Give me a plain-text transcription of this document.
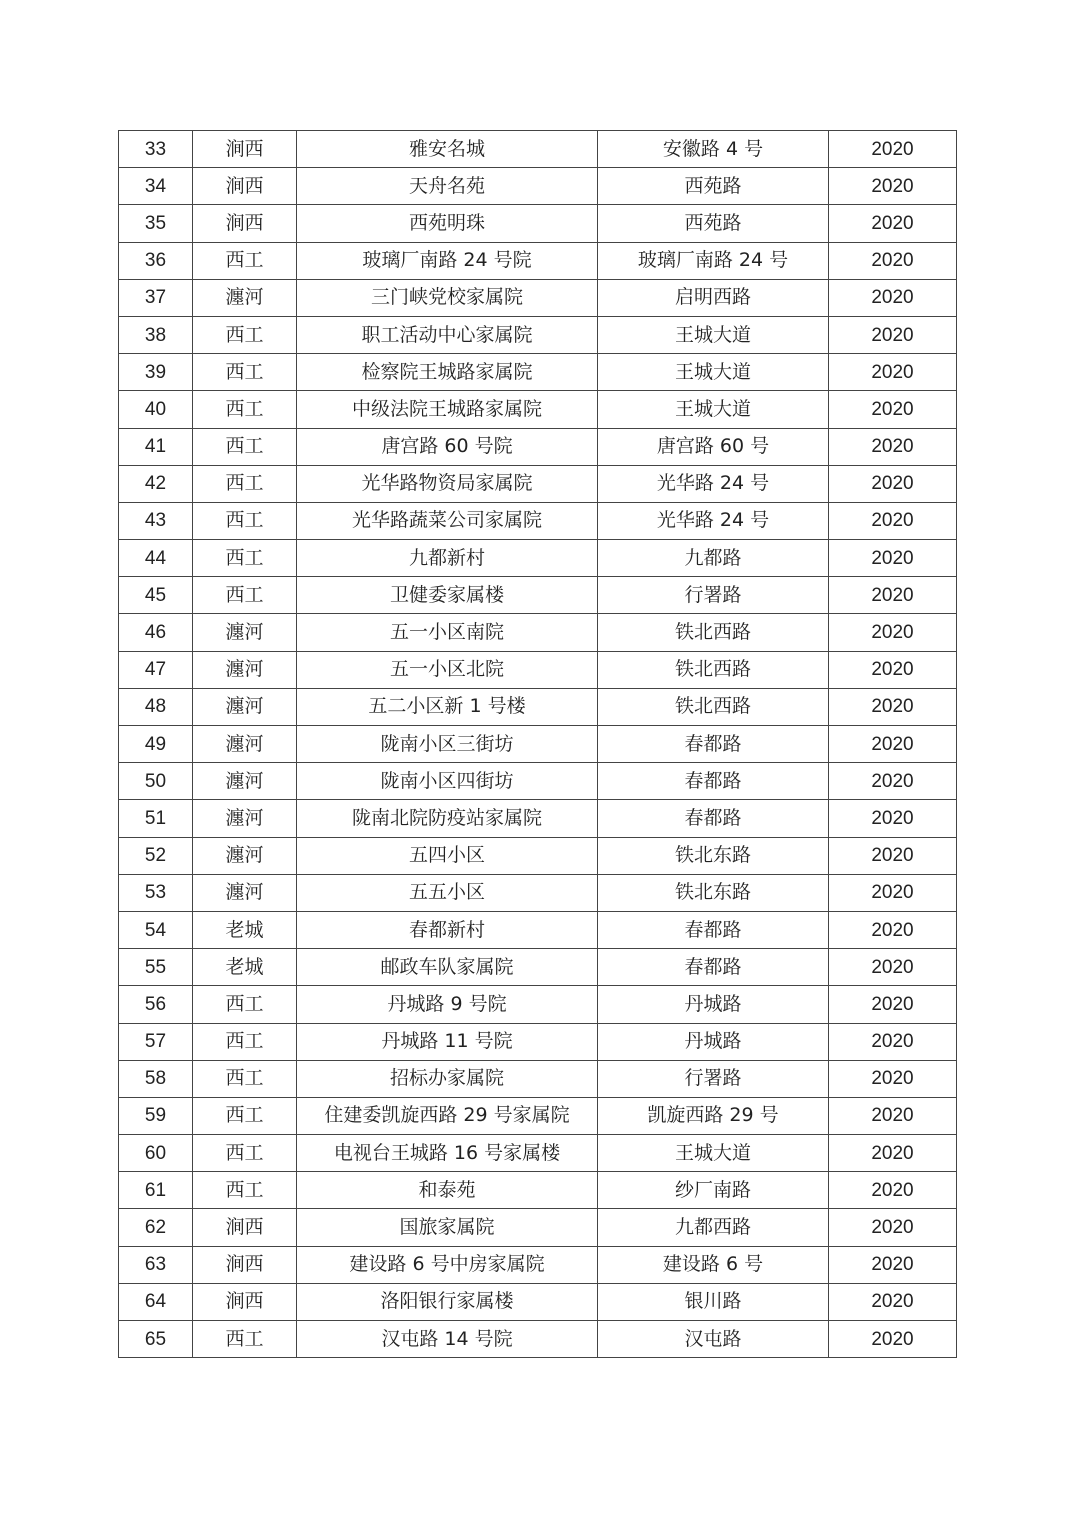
33	涧西	雅安名城	安徽路 4 号	2020
34	涧西	天舟名苑	西苑路	2020
35	涧西	西苑明珠	西苑路	2020
36	西工	玻璃厂南路 24 号院	玻璃厂南路 24 号	2020
37	瀍河	三门峡党校家属院	启明西路	2020
38	西工	职工活动中心家属院	王城大道	2020
39	西工	检察院王城路家属院	王城大道	2020
40	西工	中级法院王城路家属院	王城大道	2020
41	西工	唐宫路 60 号院	唐宫路 60 号	2020
42	西工	光华路物资局家属院	光华路 24 号	2020
43	西工	光华路蔬菜公司家属院	光华路 24 号	2020
44	西工	九都新村	九都路	2020
45	西工	卫健委家属楼	行署路	2020
46	瀍河	五一小区南院	铁北西路	2020
47	瀍河	五一小区北院	铁北西路	2020
48	瀍河	五二小区新 1 号楼	铁北西路	2020
49	瀍河	陇南小区三街坊	春都路	2020
50	瀍河	陇南小区四街坊	春都路	2020
51	瀍河	陇南北院防疫站家属院	春都路	2020
52	瀍河	五四小区	铁北东路	2020
53	瀍河	五五小区	铁北东路	2020
54	老城	春都新村	春都路	2020
55	老城	邮政车队家属院	春都路	2020
56	西工	丹城路 9 号院	丹城路	2020
57	西工	丹城路 11 号院	丹城路	2020
58	西工	招标办家属院	行署路	2020
59	西工	住建委凯旋西路 29 号家属院	凯旋西路 29 号	2020
60	西工	电视台王城路 16 号家属楼	王城大道	2020
61	西工	和泰苑	纱厂南路	2020
62	涧西	国旅家属院	九都西路	2020
63	涧西	建设路 6 号中房家属院	建设路 6 号	2020
64	涧西	洛阳银行家属楼	银川路	2020
65	西工	汉屯路 14 号院	汉屯路	2020
